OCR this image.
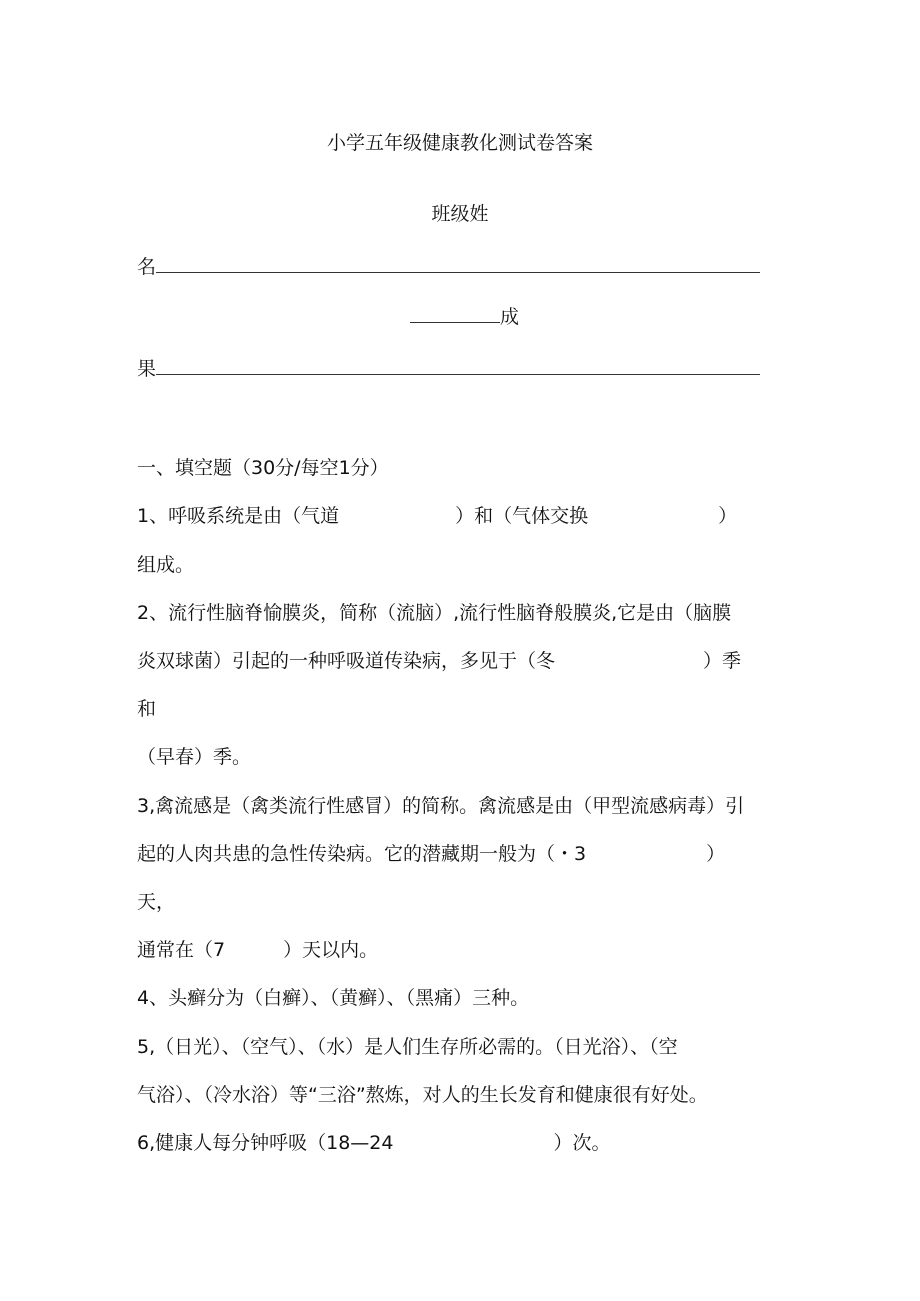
小学五年级健康教化测试卷答案
班级姓
名
成
果
一、填空题（30分/每空1分）
1、呼吸系统是由（气道	）和（气体交换	）
组成。
2、流行性脑脊愉膜炎，简称（流脑）,流行性脑脊般膜炎,它是由（脑膜
炎双球菌）引起的一种呼吸道传染病，多见于（冬	）季
和
（早春）季。
3,禽流感是（禽类流行性感冒）的简称。禽流感是由（甲型流感病毒）引
起的人肉共患的急性传染病。它的潜藏期一般为（・3	）
天，
通常在（7	）天以内。
4、头癣分为（白癣）、（黄癣）、（黑痛）三种。
5,（日光）、（空气）、（水）是人们生存所必需的。（日光浴）、（空
气浴）、（冷水浴）等“三浴”熬炼，对人的生长发育和健康很有好处。
6,健康人每分钟呼吸（18—24	）次。
